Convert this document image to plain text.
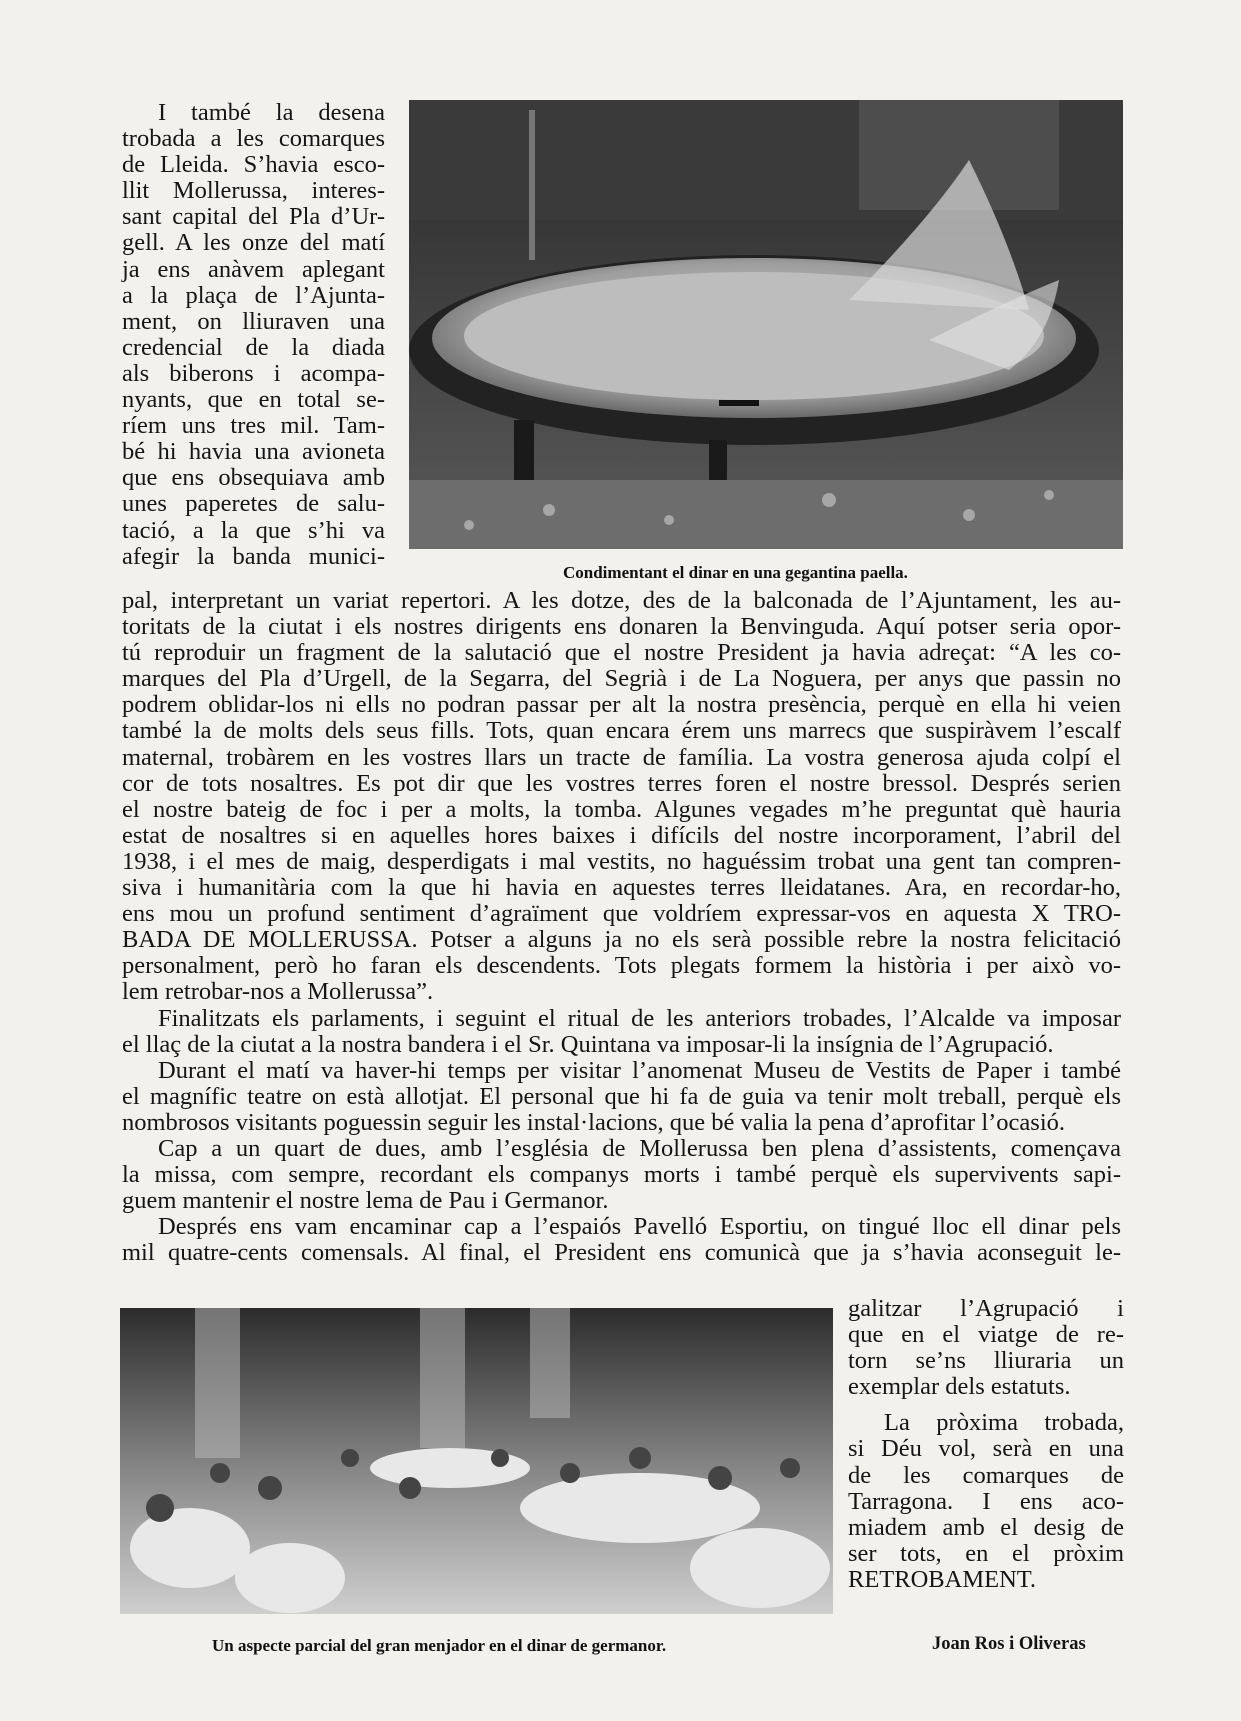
I també la desena
trobada a les comarques
de Lleida. S’havia esco-
llit Mollerussa, interes-
sant capital del Pla d’Ur-
gell. A les onze del matí
ja ens anàvem aplegant
a la plaça de l’Ajunta-
ment, on lliuraven una
credencial de la diada
als biberons i acompa-
nyants, que en total se-
ríem uns tres mil. Tam-
bé hi havia una avioneta
que ens obsequiava amb
unes paperetes de salu-
tació, a la que s’hi va
afegir la banda munici-
Condimentant el dinar en una gegantina paella.
pal, interpretant un variat repertori. A les dotze, des de la balconada de l’Ajuntament, les au-
toritats de la ciutat i els nostres dirigents ens donaren la Benvinguda. Aquí potser seria opor-
tú reproduir un fragment de la salutació que el nostre President ja havia adreçat: “A les co-
marques del Pla d’Urgell, de la Segarra, del Segrià i de La Noguera, per anys que passin no
podrem oblidar-los ni ells no podran passar per alt la nostra presència, perquè en ella hi veien
també la de molts dels seus fills. Tots, quan encara érem uns marrecs que suspiràvem l’escalf
maternal, trobàrem en les vostres llars un tracte de família. La vostra generosa ajuda colpí el
cor de tots nosaltres. Es pot dir que les vostres terres foren el nostre bressol. Després serien
el nostre bateig de foc i per a molts, la tomba. Algunes vegades m’he preguntat què hauria
estat de nosaltres si en aquelles hores baixes i difícils del nostre incorporament, l’abril del
1938, i el mes de maig, desperdigats i mal vestits, no haguéssim trobat una gent tan compren-
siva i humanitària com la que hi havia en aquestes terres lleidatanes. Ara, en recordar-ho,
ens mou un profund sentiment d’agraïment que voldríem expressar-vos en aquesta X TRO-
BADA DE MOLLERUSSA. Potser a alguns ja no els serà possible rebre la nostra felicitació
personalment, però ho faran els descendents. Tots plegats formem la història i per això vo-
lem retrobar-nos a Mollerussa”.
Finalitzats els parlaments, i seguint el ritual de les anteriors trobades, l’Alcalde va imposar
el llaç de la ciutat a la nostra bandera i el Sr. Quintana va imposar-li la insígnia de l’Agrupació.
Durant el matí va haver-hi temps per visitar l’anomenat Museu de Vestits de Paper i també
el magnífic teatre on està allotjat. El personal que hi fa de guia va tenir molt treball, perquè els
nombrosos visitants poguessin seguir les instal·lacions, que bé valia la pena d’aprofitar l’ocasió.
Cap a un quart de dues, amb l’església de Mollerussa ben plena d’assistents, començava
la missa, com sempre, recordant els companys morts i també perquè els supervivents sapi-
guem mantenir el nostre lema de Pau i Germanor.
Després ens vam encaminar cap a l’espaiós Pavelló Esportiu, on tingué lloc ell dinar pels
mil quatre-cents comensals. Al final, el President ens comunicà que ja s’havia aconseguit le-
Un aspecte parcial del gran menjador en el dinar de germanor.
galitzar l’Agrupació i
que en el viatge de re-
torn se’ns lliuraria un
exemplar dels estatuts.
La pròxima trobada,
si Déu vol, serà en una
de les comarques de
Tarragona. I ens aco-
miadem amb el desig de
ser tots, en el pròxim
RETROBAMENT.
Joan Ros i Oliveras
